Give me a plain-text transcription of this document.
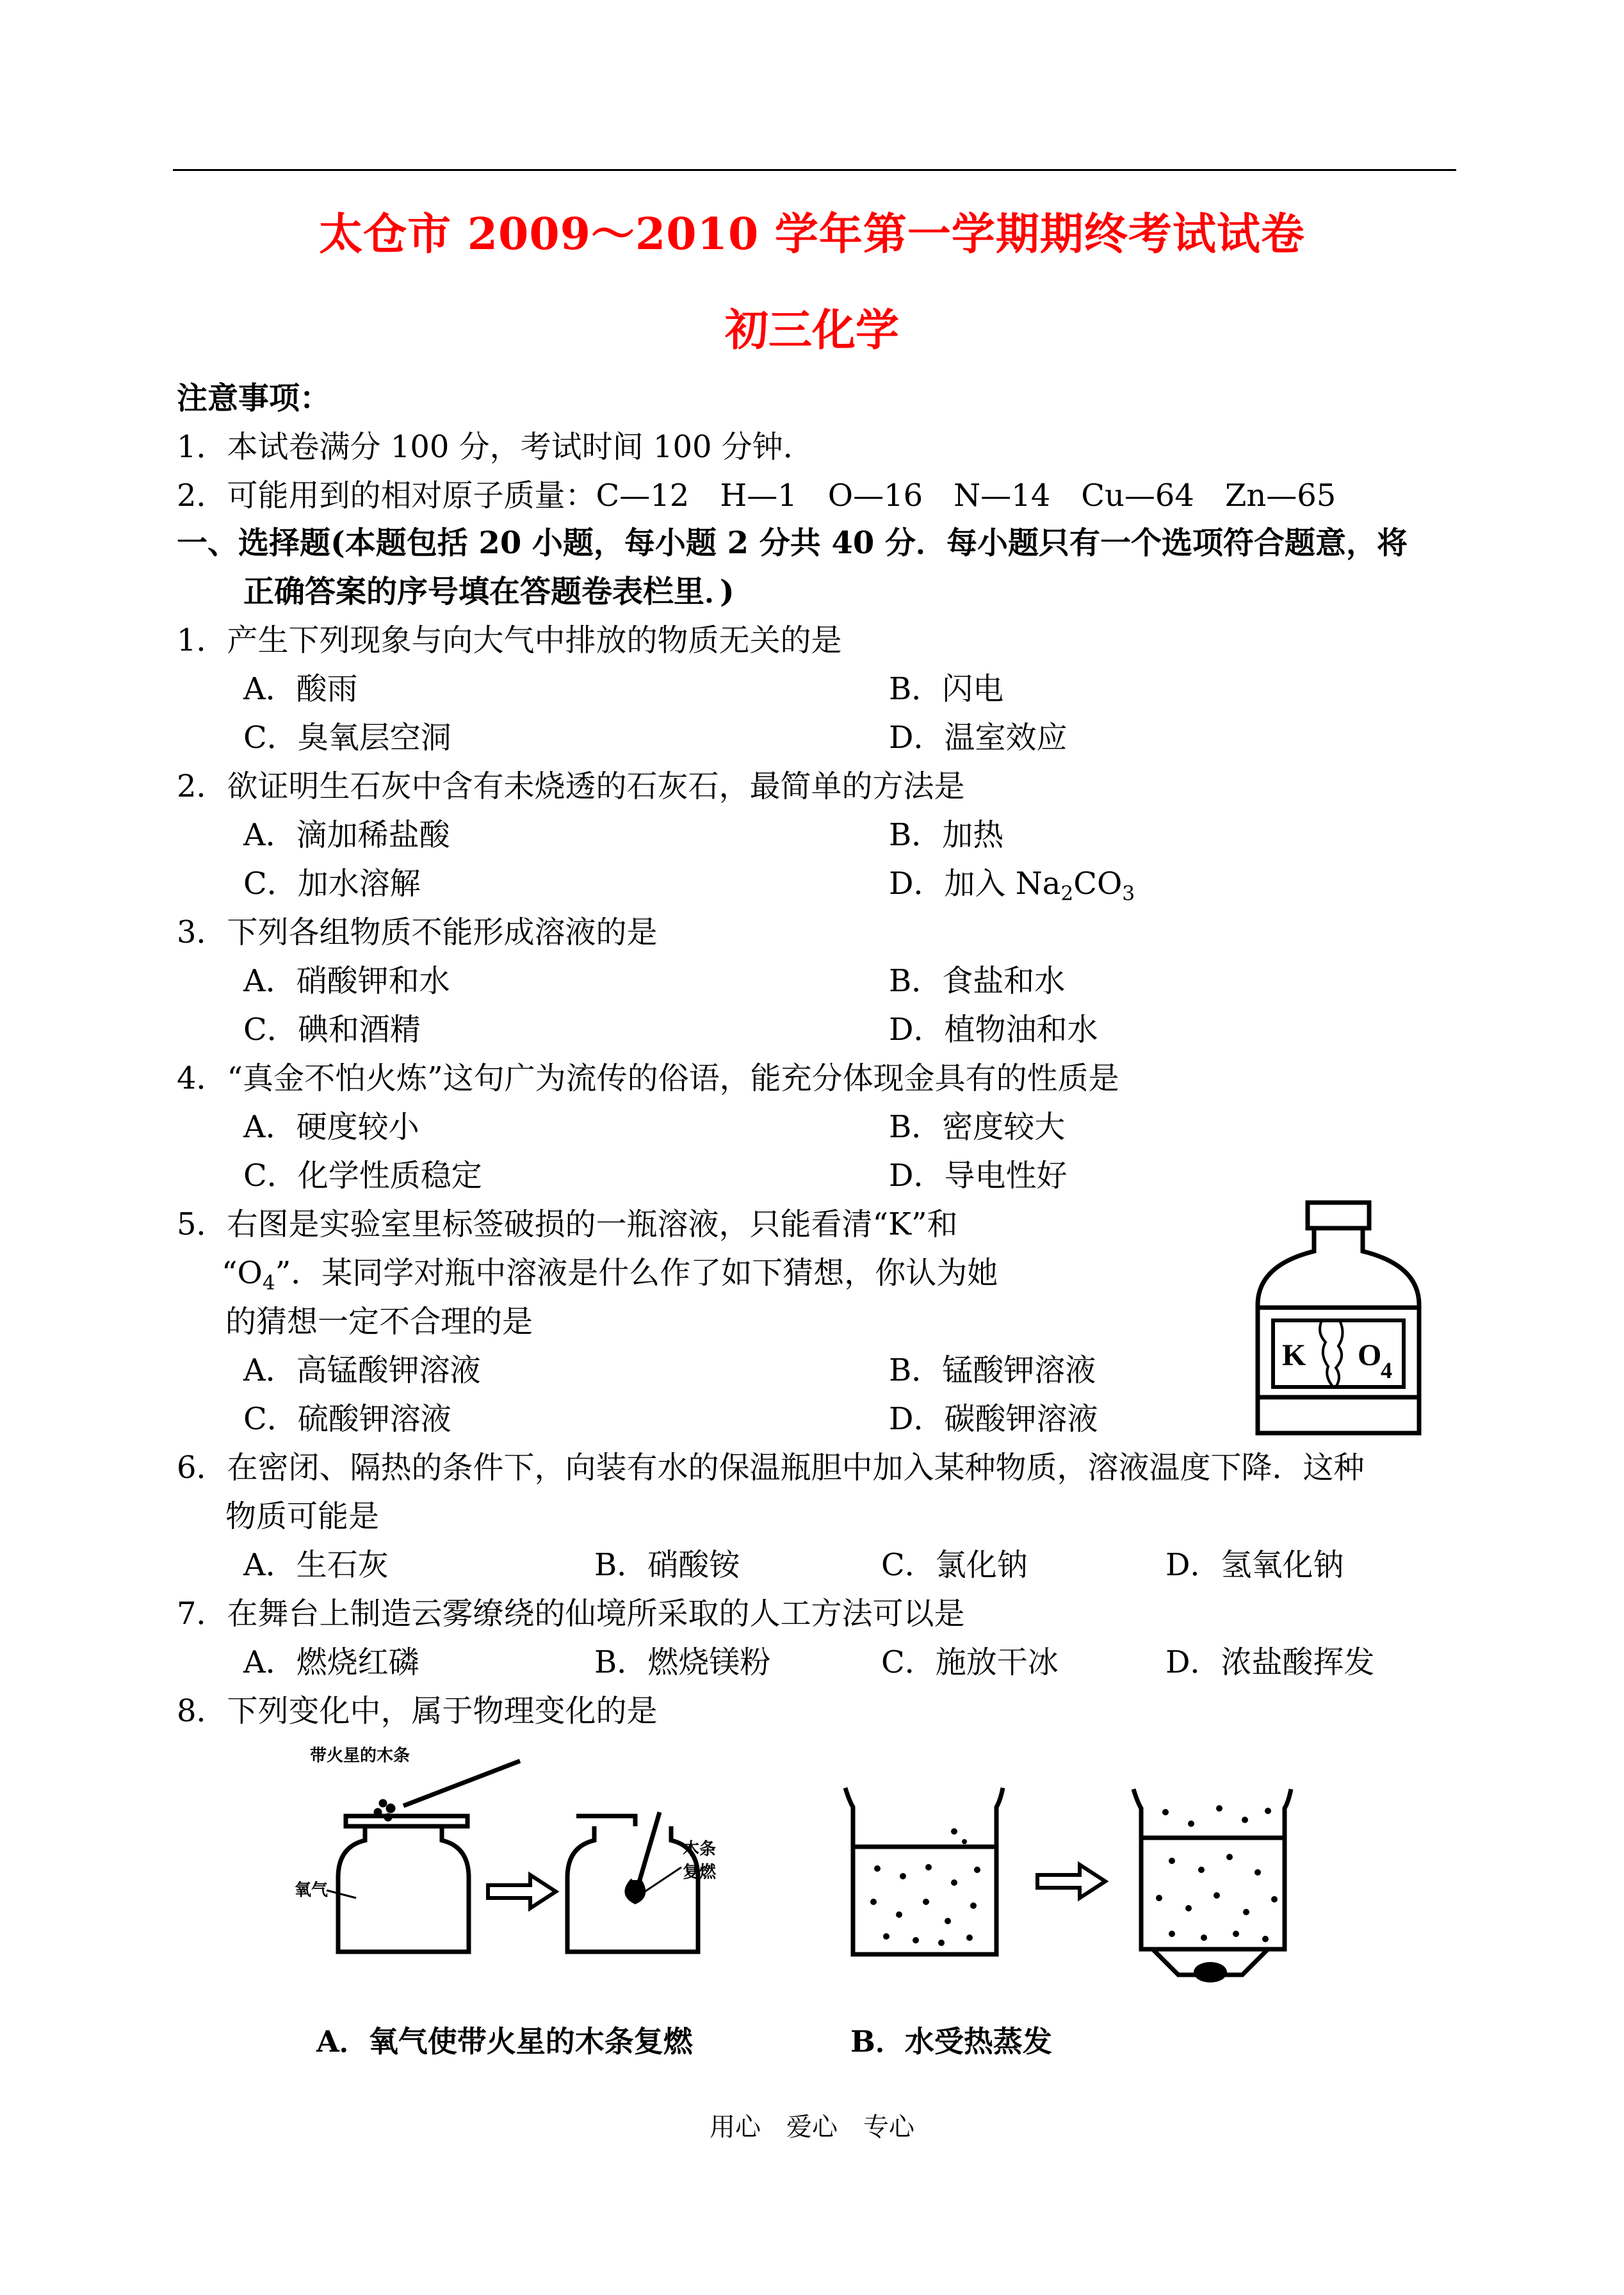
太仓市 2009～2010 学年第一学期期终考试试卷
初三化学
注意事项：
1．本试卷满分 100 分，考试时间 100 分钟．
2．可能用到的相对原子质量：C—12　H—1　O—16　N—14　Cu—64　Zn—65
一、选择题(本题包括 20 小题，每小题 2 分共 40 分．每小题只有一个选项符合题意，将
正确答案的序号填在答题卷表栏里．)
1．产生下列现象与向大气中排放的物质无关的是
A．酸雨	B．闪电
C．臭氧层空洞	D．温室效应
2．欲证明生石灰中含有未烧透的石灰石，最简单的方法是
A．滴加稀盐酸	B．加热
C．加水溶解	D．加入 $Na_2CO_3$
3．下列各组物质不能形成溶液的是
A．硝酸钾和水	B．食盐和水
C．碘和酒精	D．植物油和水
4．“真金不怕火炼”这句广为流传的俗语，能充分体现金具有的性质是
A．硬度较小	B．密度较大
C．化学性质稳定	D．导电性好
5．右图是实验室里标签破损的一瓶溶液，只能看清“K”和
“$O_4$”．某同学对瓶中溶液是什么作了如下猜想，你认为她
的猜想一定不合理的是
A．高锰酸钾溶液	B．锰酸钾溶液
C．硫酸钾溶液	D．碳酸钾溶液
K O
4
6．在密闭、隔热的条件下，向装有水的保温瓶胆中加入某种物质，溶液温度下降．这种
物质可能是
A．生石灰	B．硝酸铵	C．氯化钠	D．氢氧化钠
7．在舞台上制造云雾缭绕的仙境所采取的人工方法可以是
A．燃烧红磷	B．燃烧镁粉	C．施放干冰	D．浓盐酸挥发
8．下列变化中，属于物理变化的是
带火星的木条
氧气
木条
复燃
A．氧气使带火星的木条复燃	B．水受热蒸发
用心　爱心　专心
